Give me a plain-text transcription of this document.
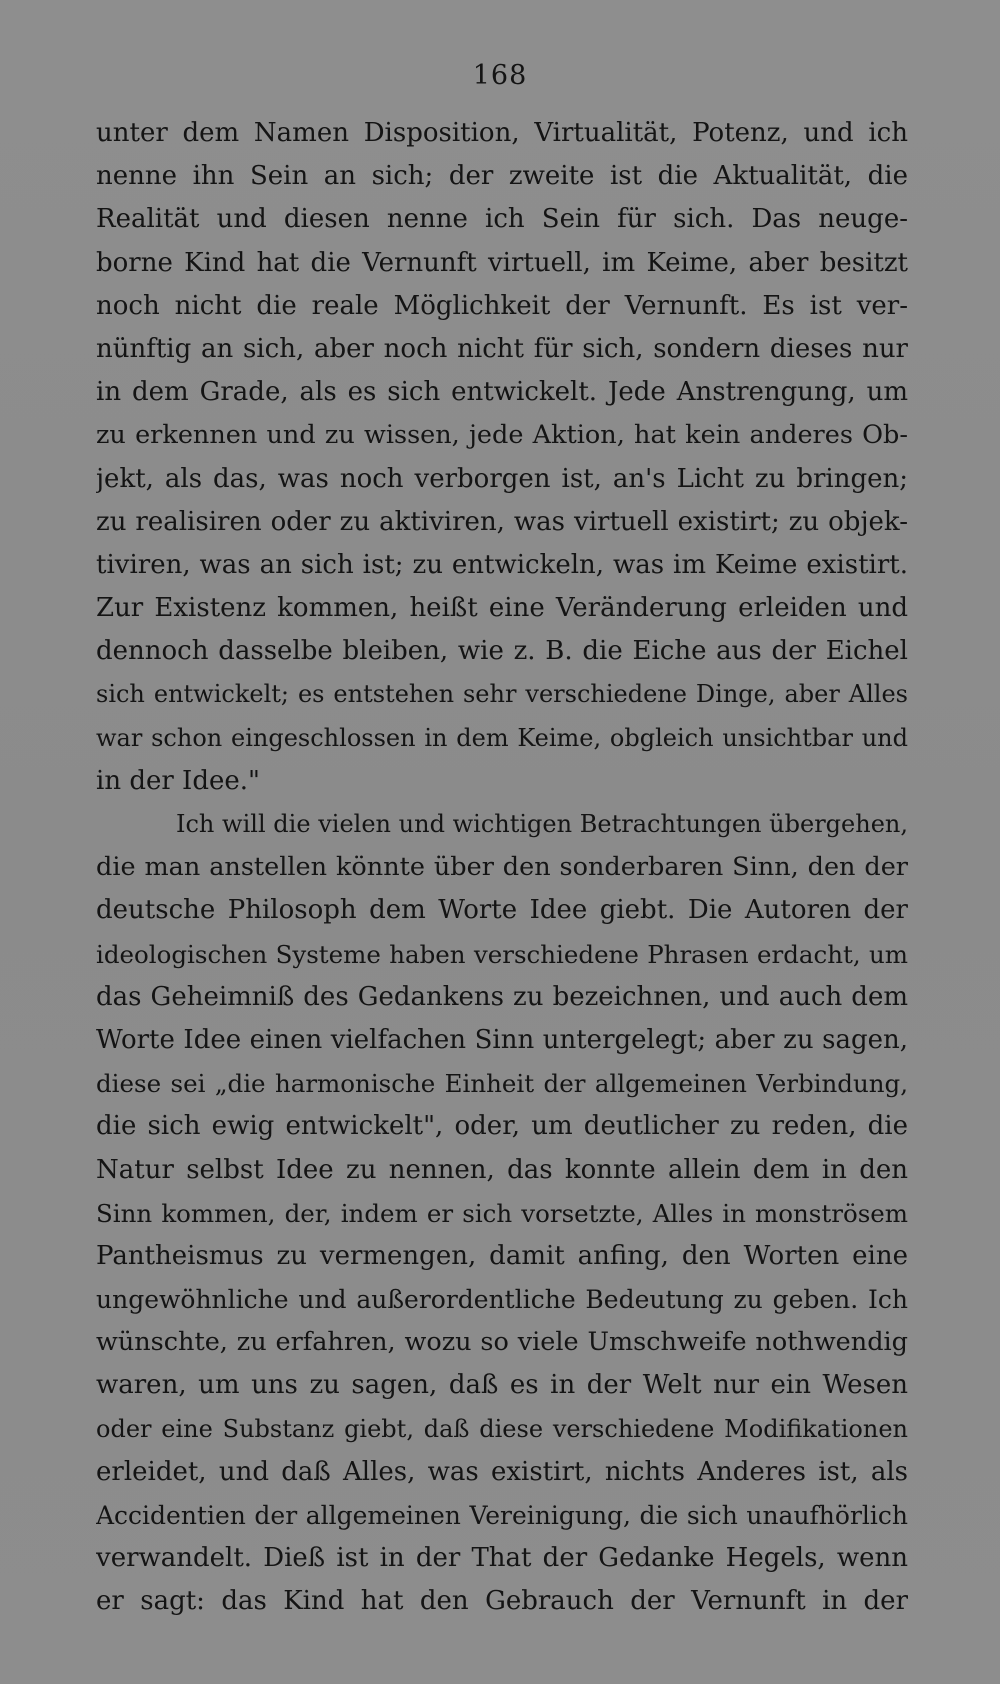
168
unter dem Namen Disposition, Virtualität, Potenz, und ich
nenne ihn Sein an sich; der zweite ist die Aktualität, die
Realität und diesen nenne ich Sein für sich. Das neuge-
borne Kind hat die Vernunft virtuell, im Keime, aber besitzt
noch nicht die reale Möglichkeit der Vernunft. Es ist ver-
nünftig an sich, aber noch nicht für sich, sondern dieses nur
in dem Grade, als es sich entwickelt. Jede Anstrengung, um
zu erkennen und zu wissen, jede Aktion, hat kein anderes Ob-
jekt, als das, was noch verborgen ist, an's Licht zu bringen;
zu realisiren oder zu aktiviren, was virtuell existirt; zu objek-
tiviren, was an sich ist; zu entwickeln, was im Keime existirt.
Zur Existenz kommen, heißt eine Veränderung erleiden und
dennoch dasselbe bleiben, wie z. B. die Eiche aus der Eichel
sich entwickelt; es entstehen sehr verschiedene Dinge, aber Alles
war schon eingeschlossen in dem Keime, obgleich unsichtbar und
in der Idee."
Ich will die vielen und wichtigen Betrachtungen übergehen,
die man anstellen könnte über den sonderbaren Sinn, den der
deutsche Philosoph dem Worte Idee giebt. Die Autoren der
ideologischen Systeme haben verschiedene Phrasen erdacht, um
das Geheimniß des Gedankens zu bezeichnen, und auch dem
Worte Idee einen vielfachen Sinn untergelegt; aber zu sagen,
diese sei „die harmonische Einheit der allgemeinen Verbindung,
die sich ewig entwickelt", oder, um deutlicher zu reden, die
Natur selbst Idee zu nennen, das konnte allein dem in den
Sinn kommen, der, indem er sich vorsetzte, Alles in monströsem
Pantheismus zu vermengen, damit anfing, den Worten eine
ungewöhnliche und außerordentliche Bedeutung zu geben. Ich
wünschte, zu erfahren, wozu so viele Umschweife nothwendig
waren, um uns zu sagen, daß es in der Welt nur ein Wesen
oder eine Substanz giebt, daß diese verschiedene Modifikationen
erleidet, und daß Alles, was existirt, nichts Anderes ist, als
Accidentien der allgemeinen Vereinigung, die sich unaufhörlich
verwandelt. Dieß ist in der That der Gedanke Hegels, wenn
er sagt: das Kind hat den Gebrauch der Vernunft in der
